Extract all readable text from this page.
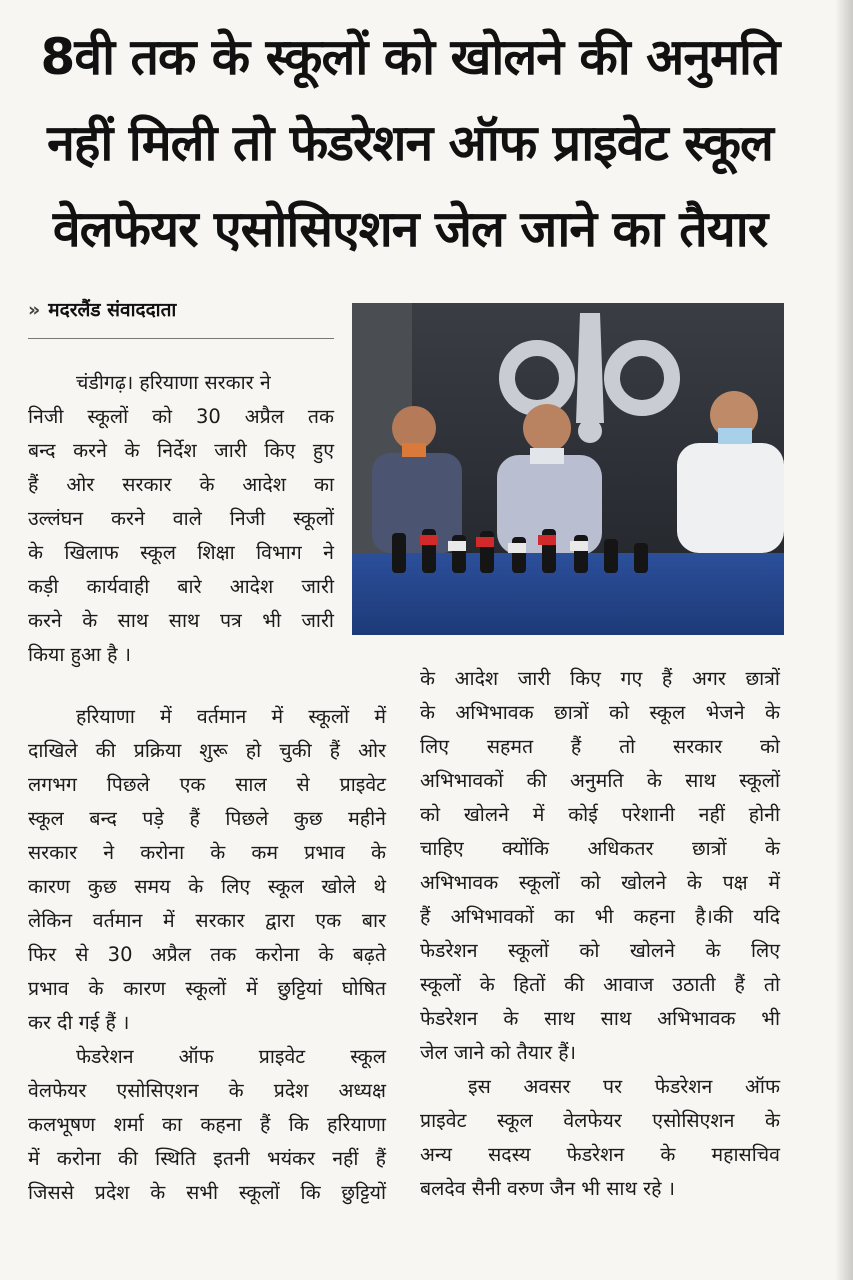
8वी तक के स्कूलों को खोलने की अनुमति
नहीं मिली तो फेडरेशन ऑफ प्राइवेट स्कूल
वेलफेयर एसोसिएशन जेल जाने का तैयार
» मदरलैंड संवाददाता
चंडीगढ़। हरियाणा सरकार ने
निजी स्कूलों को 30 अप्रैल तक
बन्द करने के निर्देश जारी किए हुए
हैं ओर सरकार के आदेश का
उल्लंघन करने वाले निजी स्कूलों
के खिलाफ स्कूल शिक्षा विभाग ने
कड़ी कार्यवाही बारे आदेश जारी
करने के साथ साथ पत्र भी जारी
किया हुआ है ।
हरियाणा में वर्तमान में स्कूलों में
दाखिले की प्रक्रिया शुरू हो चुकी हैं ओर
लगभग पिछले एक साल से प्राइवेट
स्कूल बन्द पड़े हैं पिछले कुछ महीने
सरकार ने करोना के कम प्रभाव के
कारण कुछ समय के लिए स्कूल खोले थे
लेकिन वर्तमान में सरकार द्वारा एक बार
फिर से 30 अप्रैल तक करोना के बढ़ते
प्रभाव के कारण स्कूलों में छुट्टियां घोषित
कर दी गई हैं ।
फेडरेशन ऑफ प्राइवेट स्कूल
वेलफेयर एसोसिएशन के प्रदेश अध्यक्ष
कलभूषण शर्मा का कहना हैं कि हरियाणा
में करोना की स्थिति इतनी भयंकर नहीं हैं
जिससे प्रदेश के सभी स्कूलों कि छुट्टियों
के आदेश जारी किए गए हैं अगर छात्रों
के अभिभावक छात्रों को स्कूल भेजने के
लिए सहमत हैं तो सरकार को
अभिभावकों की अनुमति के साथ स्कूलों
को खोलने में कोई परेशानी नहीं होनी
चाहिए क्योंकि अधिकतर छात्रों के
अभिभावक स्कूलों को खोलने के पक्ष में
हैं अभिभावकों का भी कहना है।की यदि
फेडरेशन स्कूलों को खोलने के लिए
स्कूलों के हितों की आवाज उठाती हैं तो
फेडरेशन के साथ साथ अभिभावक भी
जेल जाने को तैयार हैं।
इस अवसर पर फेडरेशन ऑफ
प्राइवेट स्कूल वेलफेयर एसोसिएशन के
अन्य सदस्य फेडरेशन के महासचिव
बलदेव सैनी वरुण जैन भी साथ रहे ।
